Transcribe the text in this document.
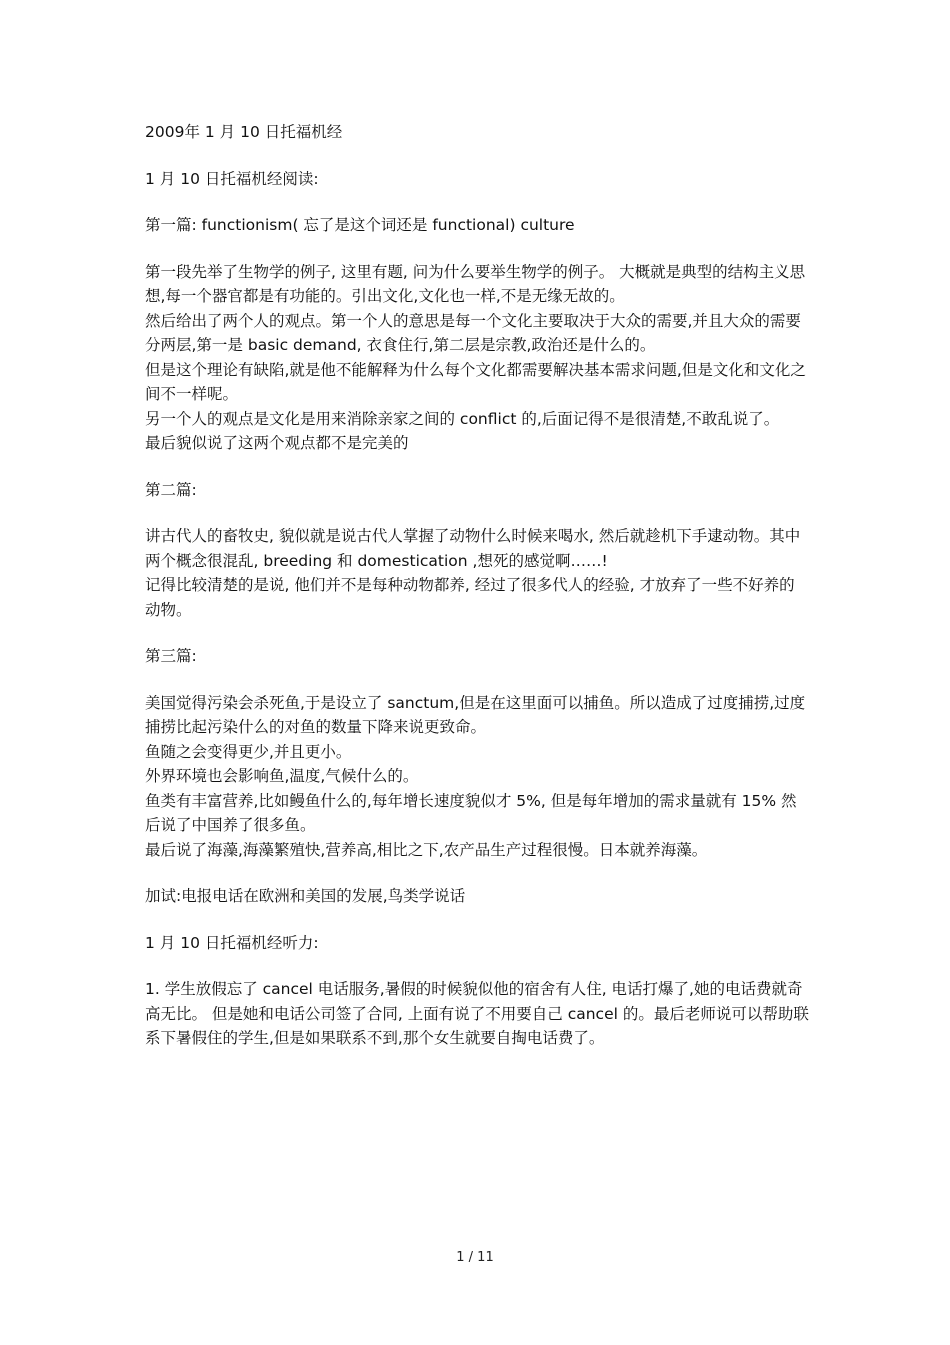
2009年 1 月 10 日托福机经

1 月 10 日托福机经阅读:

第一篇: functionism( 忘了是这个词还是 functional) culture

第一段先举了生物学的例子, 这里有题, 问为什么要举生物学的例子。 大概就是典型的结构主义思想,每一个器官都是有功能的。引出文化,文化也一样,不是无缘无故的。

然后给出了两个人的观点。第一个人的意思是每一个文化主要取决于大众的需要,并且大众的需要分两层,第一是 basic demand, 衣食住行,第二层是宗教,政治还是什么的。

但是这个理论有缺陷,就是他不能解释为什么每个文化都需要解决基本需求问题,但是文化和文化之间不一样呢。

另一个人的观点是文化是用来消除亲家之间的 conflict 的,后面记得不是很清楚,不敢乱说了。

最后貌似说了这两个观点都不是完美的

第二篇:

讲古代人的畜牧史, 貌似就是说古代人掌握了动物什么时候来喝水, 然后就趁机下手逮动物。其中两个概念很混乱, breeding 和 domestication ,想死的感觉啊……!

记得比较清楚的是说, 他们并不是每种动物都养, 经过了很多代人的经验, 才放弃了一些不好养的动物。

第三篇:

美国觉得污染会杀死鱼,于是设立了 sanctum,但是在这里面可以捕鱼。所以造成了过度捕捞,过度捕捞比起污染什么的对鱼的数量下降来说更致命。

鱼随之会变得更少,并且更小。

外界环境也会影响鱼,温度,气候什么的。

鱼类有丰富营养,比如鳗鱼什么的,每年增长速度貌似才 5%, 但是每年增加的需求量就有 15% 然后说了中国养了很多鱼。

最后说了海藻,海藻繁殖快,营养高,相比之下,农产品生产过程很慢。日本就养海藻。

加试:电报电话在欧洲和美国的发展,鸟类学说话

1 月 10 日托福机经听力:

1. 学生放假忘了 cancel 电话服务,暑假的时候貌似他的宿舍有人住, 电话打爆了,她的电话费就奇高无比。 但是她和电话公司签了合同, 上面有说了不用要自己 cancel 的。最后老师说可以帮助联系下暑假住的学生,但是如果联系不到,那个女生就要自掏电话费了。

1 / 11
